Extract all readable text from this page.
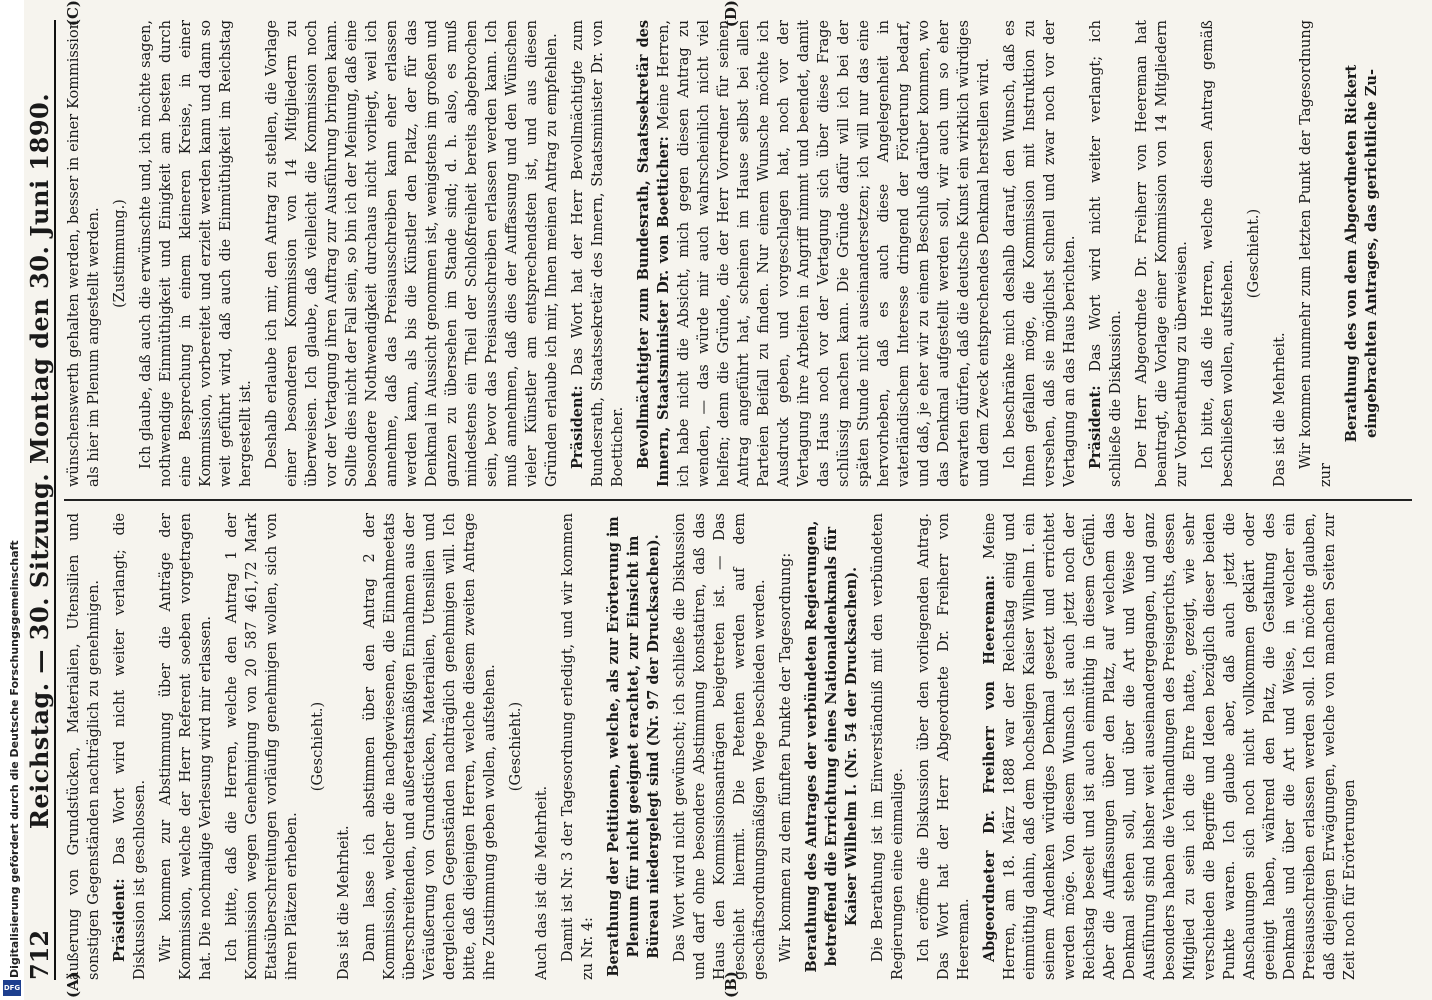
712
Reichstag. — 30. Sitzung. Montag den 30. Juni 1890.
(A)	(B)
(C)	(D)

äußerung von Grundstücken, Materialien, Utensilien und sonstigen Gegenständen nachträglich zu genehmigen. Präsident: Das Wort wird nicht weiter verlangt; die Diskussion ist geschlossen. Wir kommen zur Abstimmung über die Anträge der Kommission, welche der Herr Referent soeben vorgetragen hat. Die nochmalige Verlesung wird mir erlassen. Ich bitte, daß die Herren, welche den Antrag 1 der Kommission wegen Genehmigung von 20 587 461,72 Mark Etatsüberschreitungen vorläufig genehmigen wollen, sich von ihren Plätzen erheben.

(Geschieht.)

Das ist die Mehrheit. Dann lasse ich abstimmen über den Antrag 2 der Kommission, welcher die nachgewiesenen, die Einnahmeetats überschreitenden, und außeretatsmäßigen Einnahmen aus der Veräußerung von Grundstücken, Materialien, Utensilien und dergleichen Gegenständen nachträglich genehmigen will. Ich bitte, daß diejenigen Herren, welche diesem zweiten Antrage ihre Zustimmung geben wollen, aufstehen. (Geschieht.)

Auch das ist die Mehrheit. Damit ist Nr. 3 der Tagesordnung erledigt, und wir kommen zu Nr. 4: Berathung der Petitionen, welche, als zur Erörterung im Plenum für nicht geeignet erachtet, zur Einsicht im Büreau niedergelegt sind (Nr. 97 der Drucksachen). Das Wort wird nicht gewünscht; ich schließe die Diskussion und darf ohne besondere Abstimmung konstatiren, daß das Haus den Kommissionsanträgen beigetreten ist. — Das geschieht hiermit. Die Petenten werden auf dem geschäftsordnungsmäßigen Wege beschieden werden. Wir kommen zu dem fünften Punkte der Tagesordnung: Berathung des Antrages der verbündeten Regierungen, betreffend die Errichtung eines Nationaldenkmals für Kaiser Wilhelm I. (Nr. 54 der Drucksachen). Die Berathung ist im Einverständniß mit den verbündeten Regierungen eine einmalige. Ich eröffne die Diskussion über den vorliegenden Antrag. Das Wort hat der Herr Abgeordnete Dr. Freiherr von Heereman. Abgeordneter Dr. Freiherr von Heereman: Meine Herren, am 18. März 1888 war der Reichstag einig und einmüthig dahin, daß dem hochseligen Kaiser Wilhelm I. ein seinem Andenken würdiges Denkmal gesetzt und errichtet werden möge. Von diesem Wunsch ist auch jetzt noch der Reichstag beseelt und ist auch einmüthig in diesem Gefühl. Aber die Auffassungen über den Platz, auf welchem das Denkmal stehen soll, und über die Art und Weise der Ausführung sind bisher weit auseinandergegangen, und ganz besonders haben die Verhandlungen des Preisgerichts, dessen Mitglied zu sein ich die Ehre hatte, gezeigt, wie sehr verschieden die Begriffe und Ideen bezüglich dieser beiden Punkte waren. Ich glaube aber, daß auch jetzt die Anschauungen sich noch nicht vollkommen geklärt oder geeinigt haben, während den Platz, die Gestaltung des Denkmals und über die Art und Weise, in welcher ein Preisausschreiben erlassen werden soll. Ich möchte glauben, daß diejenigen Erwägungen, welche von manchen Seiten zur Zeit noch für Erörterungen

wünschenswerth gehalten werden, besser in einer Kommission als hier im Plenum angestellt werden. (Zustimmung.) Ich glaube, daß auch die erwünschte und, ich möchte sagen, nothwendige Einmüthigkeit und Einigkeit am besten durch eine Besprechung in einem kleineren Kreise, in einer Kommission, vorbereitet und erzielt werden kann und dann so weit geführt wird, daß auch die Einmüthigkeit im Reichstag hergestellt ist. Deshalb erlaube ich mir, den Antrag zu stellen, die Vorlage einer besonderen Kommission von 14 Mitgliedern zu überweisen. Ich glaube, daß vielleicht die Kommission noch vor der Vertagung ihren Auftrag zur Ausführung bringen kann. Sollte dies nicht der Fall sein, so bin ich der Meinung, daß eine besondere Nothwendigkeit durchaus nicht vorliegt, weil ich annehme, daß das Preisausschreiben kann eher erlassen werden kann, als bis die Künstler den Platz, der für das Denkmal in Aussicht genommen ist, wenigstens im großen und ganzen zu übersehen im Stande sind; d. h. also, es muß mindestens ein Theil der Schloßfreiheit bereits abgebrochen sein, bevor das Preisausschreiben erlassen werden kann. Ich muß annehmen, daß dies der Auffassung und den Wünschen vieler Künstler am entsprechendsten ist, und aus diesen Gründen erlaube ich mir, Ihnen meinen Antrag zu empfehlen. Präsident: Das Wort hat der Herr Bevollmächtigte zum Bundesrath, Staatssekretär des Innern, Staatsminister Dr. von Boetticher. Bevollmächtigter zum Bundesrath, Staatssekretär des Innern, Staatsminister Dr. von Boetticher: Meine Herren, ich habe nicht die Absicht, mich gegen diesen Antrag zu wenden, — das würde mir auch wahrscheinlich nicht viel helfen; denn die Gründe, die der Herr Vorredner für seinen Antrag angeführt hat, scheinen im Hause selbst bei allen Parteien Beifall zu finden. Nur einem Wunsche möchte ich Ausdruck geben, und vorgeschlagen hat, noch vor der Vertagung ihre Arbeiten in Angriff nimmt und beendet, damit das Haus noch vor der Vertagung sich über diese Frage schlüssig machen kann. Die Gründe dafür will ich bei der späten Stunde nicht auseinandersetzen; ich will nur das eine hervorheben, daß es auch diese Angelegenheit in vaterländischem Interesse dringend der Förderung bedarf, und daß, je eher wir zu einem Beschluß darüber kommen, wo das Denkmal aufgestellt werden soll, wir auch um so eher erwarten dürfen, daß die deutsche Kunst ein wirklich würdiges und dem Zweck entsprechendes Denkmal herstellen wird. Ich beschränke mich deshalb darauf, den Wunsch, daß es Ihnen gefallen möge, die Kommission mit Instruktion zu versehen, daß sie möglichst schnell und zwar noch vor der Vertagung an das Haus berichten. Präsident: Das Wort wird nicht weiter verlangt; ich schließe die Diskussion. Der Herr Abgeordnete Dr. Freiherr von Heereman hat beantragt, die Vorlage einer Kommission von 14 Mitgliedern zur Vorberathung zu überweisen. Ich bitte, daß die Herren, welche diesen Antrag gemäß beschließen wollen, aufstehen.

(Geschieht.)

Das ist die Mehrheit. Wir kommen nunmehr zum letzten Punkt der Tagesordnung zur

Berathung des von dem Abgeordneten Rickert eingebrachten Antrages, das gerichtliche Zu-

Digitalisierung gefördert durch die Deutsche Forschungsgemeinschaft
DFG
